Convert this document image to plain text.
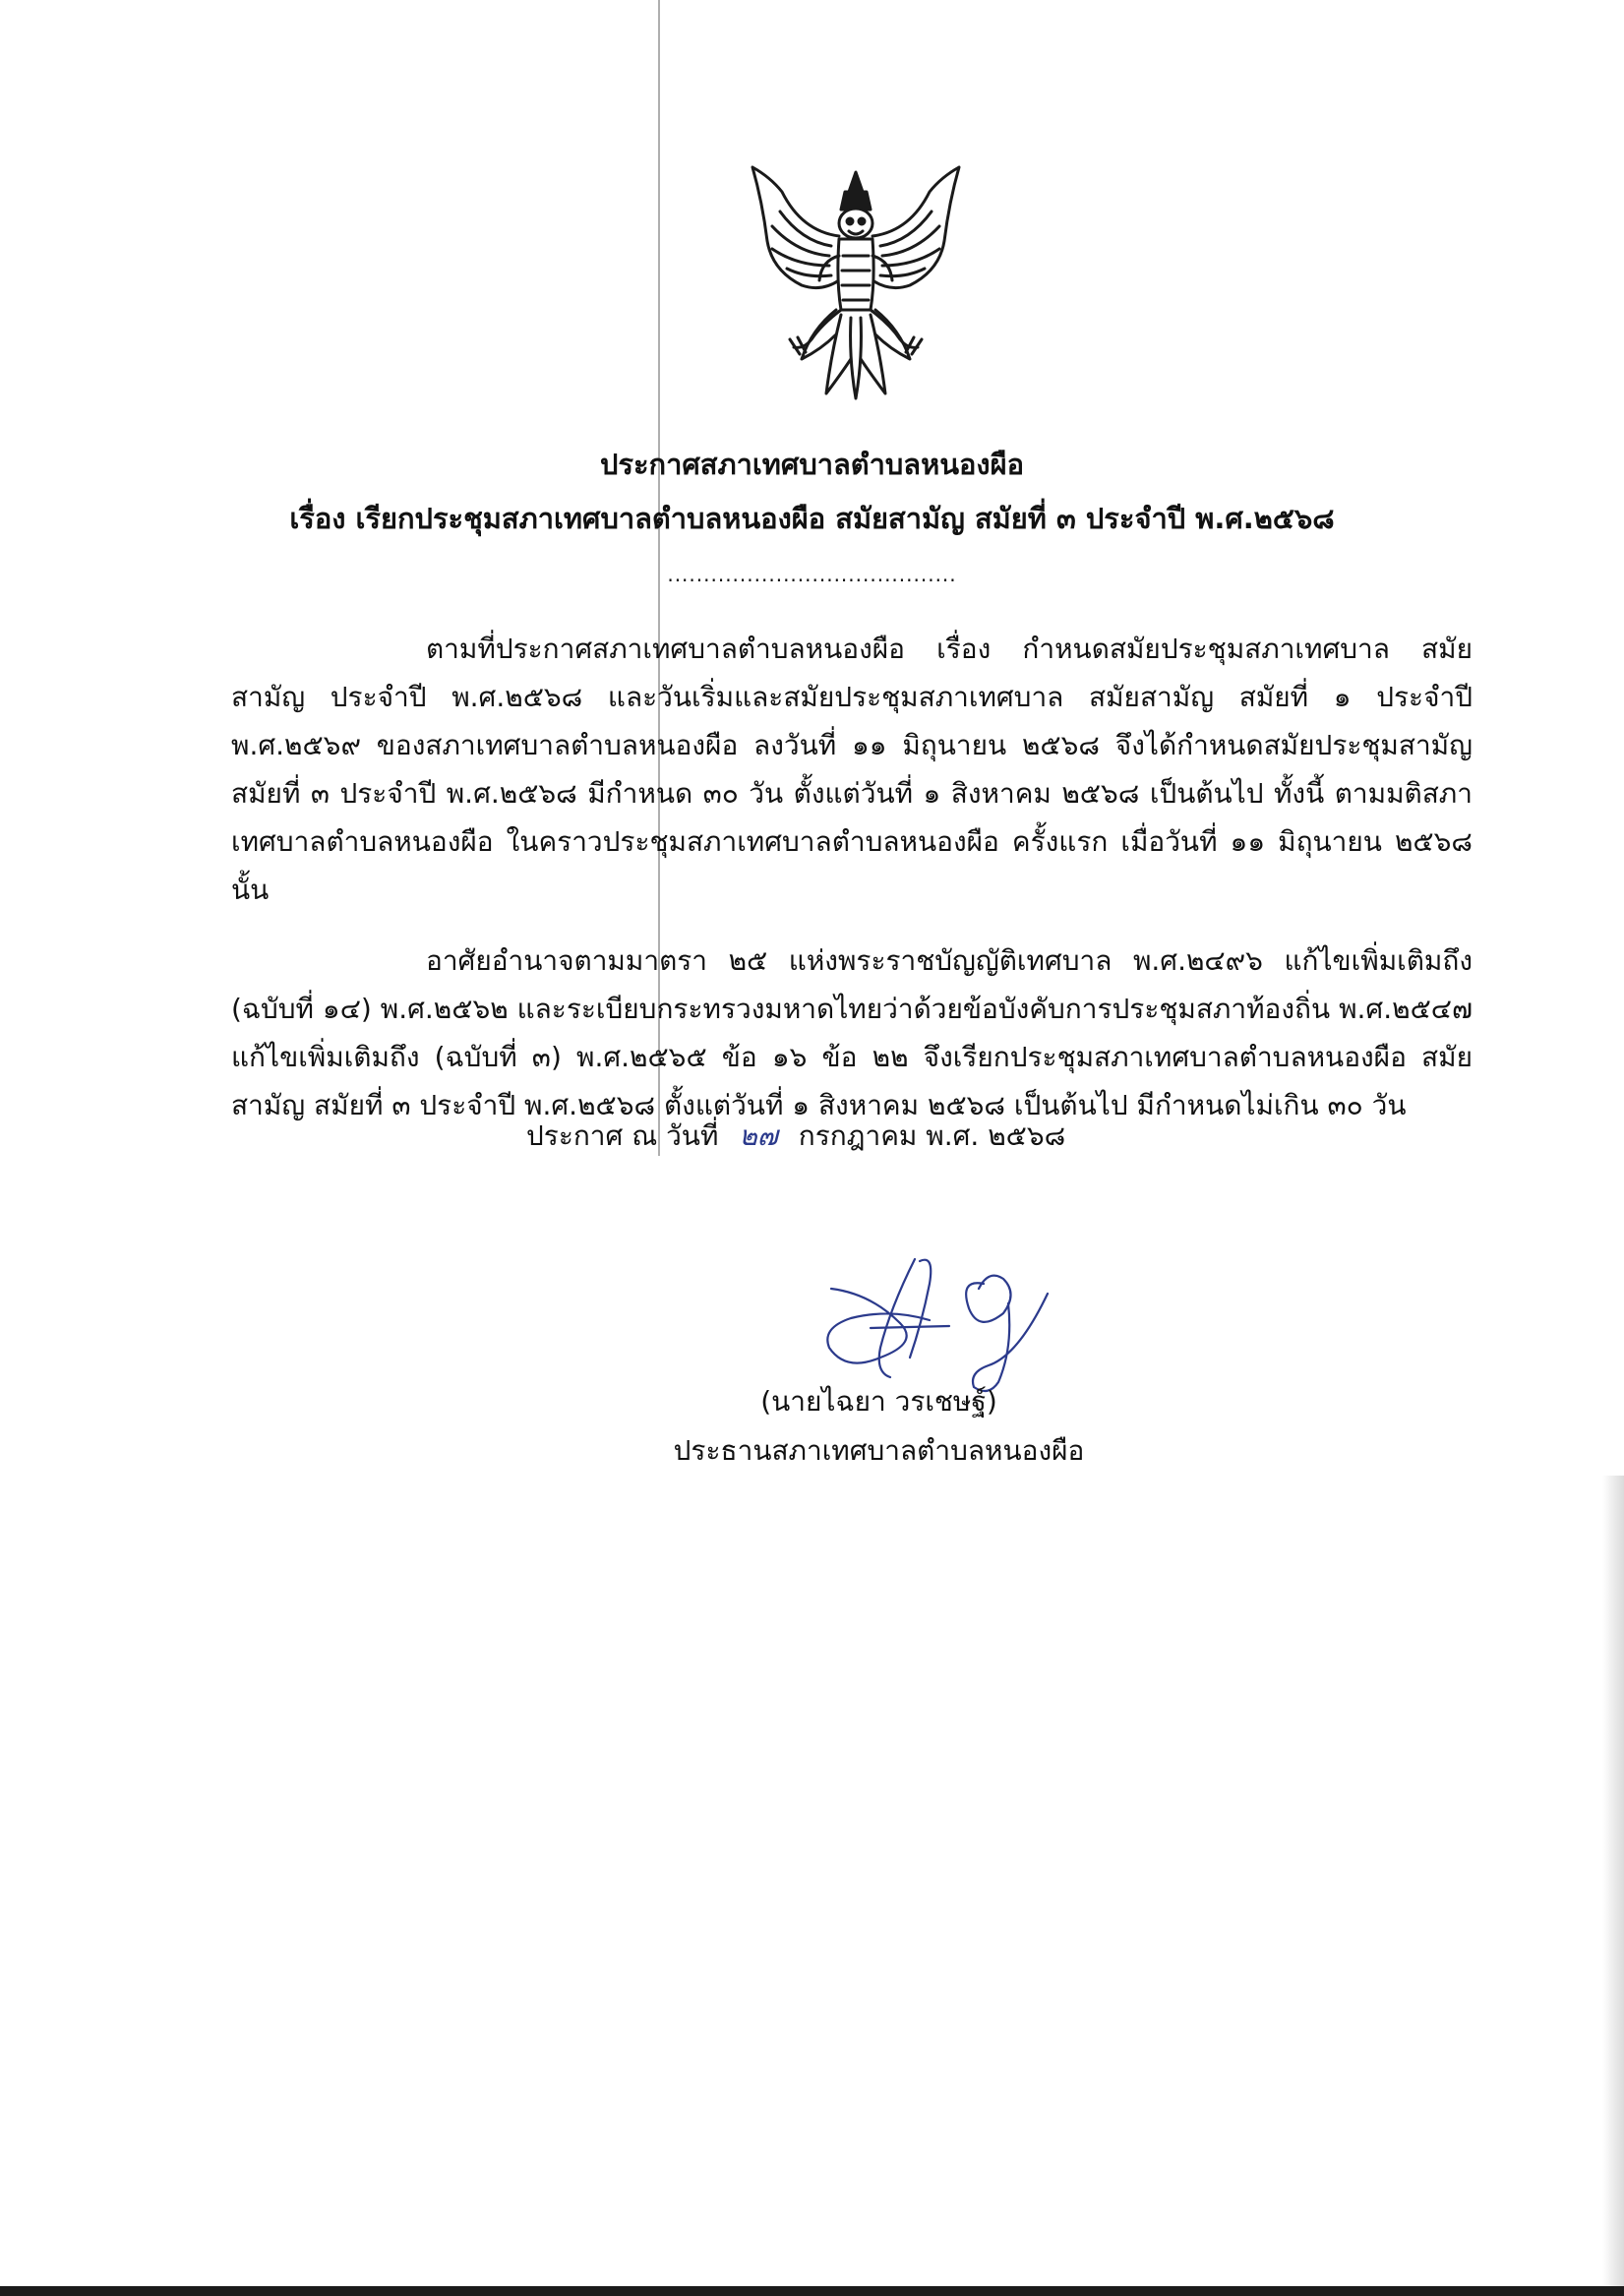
ประกาศสภาเทศบาลตำบลหนองผือ
เรื่อง เรียกประชุมสภาเทศบาลตำบลหนองผือ สมัยสามัญ สมัยที่ ๓ ประจำปี พ.ศ.๒๕๖๘
........................................

ตามที่ประกาศสภาเทศบาลตำบลหนองผือ เรื่อง กำหนดสมัยประชุมสภาเทศบาล สมัยสามัญ ประจำปี พ.ศ.๒๕๖๘ และวันเริ่มและสมัยประชุมสภาเทศบาล สมัยสามัญ สมัยที่ ๑ ประจำปี พ.ศ.๒๕๖๙ ของสภาเทศบาลตำบลหนองผือ ลงวันที่ ๑๑ มิถุนายน ๒๕๖๘ จึงได้กำหนดสมัยประชุมสามัญ สมัยที่ ๓ ประจำปี พ.ศ.๒๕๖๘ มีกำหนด ๓๐ วัน ตั้งแต่วันที่ ๑ สิงหาคม ๒๕๖๘ เป็นต้นไป ทั้งนี้ ตามมติสภาเทศบาลตำบลหนองผือ ในคราวประชุมสภาเทศบาลตำบลหนองผือ ครั้งแรก เมื่อวันที่ ๑๑ มิถุนายน ๒๕๖๘ นั้น

อาศัยอำนาจตามมาตรา ๒๕ แห่งพระราชบัญญัติเทศบาล พ.ศ.๒๔๙๖ แก้ไขเพิ่มเติมถึง (ฉบับที่ ๑๔) พ.ศ.๒๕๖๒ และระเบียบกระทรวงมหาดไทยว่าด้วยข้อบังคับการประชุมสภาท้องถิ่น พ.ศ.๒๕๔๗ แก้ไขเพิ่มเติมถึง (ฉบับที่ ๓) พ.ศ.๒๕๖๕ ข้อ ๑๖ ข้อ ๒๒ จึงเรียกประชุมสภาเทศบาลตำบลหนองผือ สมัยสามัญ สมัยที่ ๓ ประจำปี พ.ศ.๒๕๖๘ ตั้งแต่วันที่ ๑ สิงหาคม ๒๕๖๘ เป็นต้นไป มีกำหนดไม่เกิน ๓๐ วัน

ประกาศ ณ วันที่ ๒๗ กรกฎาคม พ.ศ. ๒๕๖๘
(นายไฉยา วรเชษฐ์)
ประธานสภาเทศบาลตำบลหนองผือ
